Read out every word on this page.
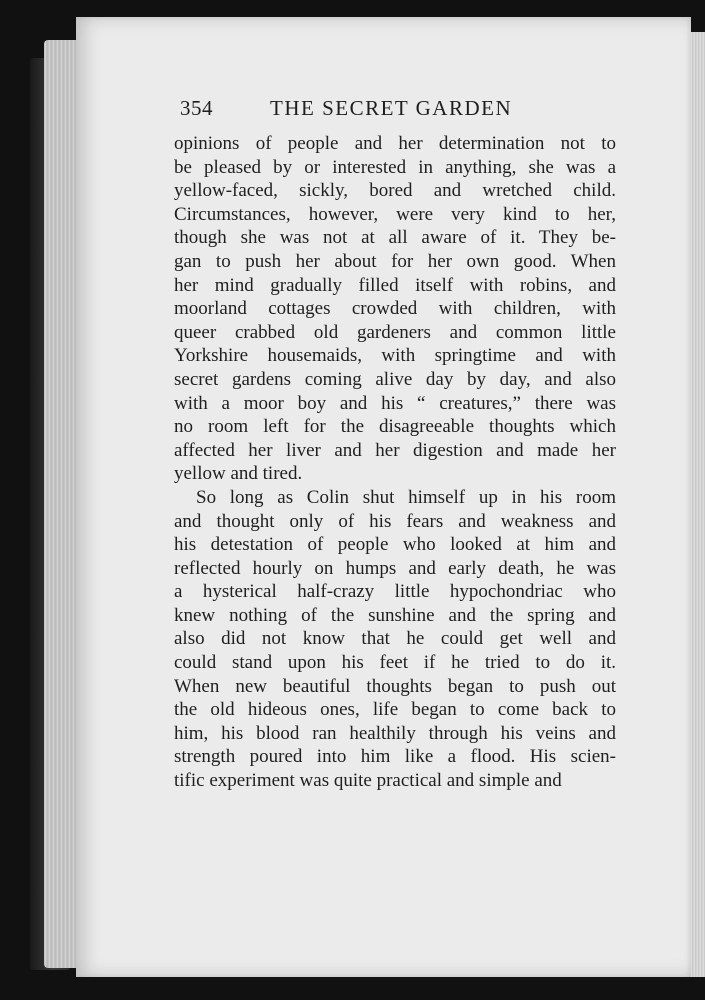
354	THE SECRET GARDEN
opinions of people and her determination not to
be pleased by or interested in anything, she was a
yellow-faced, sickly, bored and wretched child.
Circumstances, however, were very kind to her,
though she was not at all aware of it. They be-
gan to push her about for her own good. When
her mind gradually filled itself with robins, and
moorland cottages crowded with children, with
queer crabbed old gardeners and common little
Yorkshire housemaids, with springtime and with
secret gardens coming alive day by day, and also
with a moor boy and his “ creatures,” there was
no room left for the disagreeable thoughts which
affected her liver and her digestion and made her
yellow and tired.
So long as Colin shut himself up in his room
and thought only of his fears and weakness and
his detestation of people who looked at him and
reflected hourly on humps and early death, he was
a hysterical half-crazy little hypochondriac who
knew nothing of the sunshine and the spring and
also did not know that he could get well and
could stand upon his feet if he tried to do it.
When new beautiful thoughts began to push out
the old hideous ones, life began to come back to
him, his blood ran healthily through his veins and
strength poured into him like a flood. His scien-
tific experiment was quite practical and simple and
